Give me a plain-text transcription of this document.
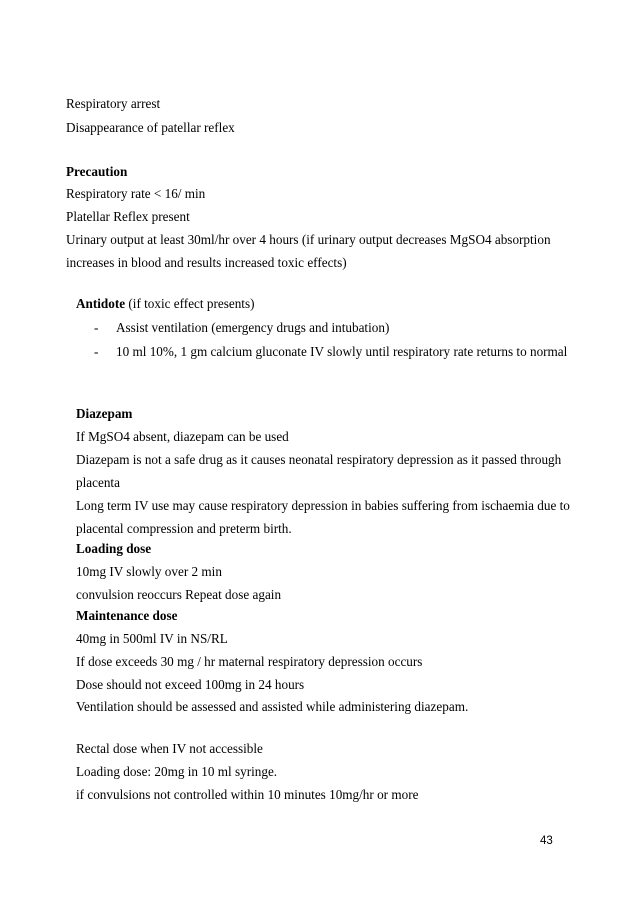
Respiratory arrest
Disappearance of patellar reflex
Precaution
Respiratory rate < 16/ min
Platellar Reflex present
Urinary output at least 30ml/hr over 4 hours (if urinary output decreases MgSO4 absorption
increases in blood and results increased toxic effects)
Antidote (if toxic effect presents)
- Assist ventilation (emergency drugs and intubation)
- 10 ml 10%, 1 gm calcium gluconate IV slowly until respiratory rate returns to normal
Diazepam
If MgSO4 absent, diazepam can be used
Diazepam is not a safe drug as it causes neonatal respiratory depression as it passed through
placenta
Long term IV use may cause respiratory depression in babies suffering from ischaemia due to
placental compression and preterm birth.
Loading dose
10mg IV slowly over 2 min
convulsion reoccurs Repeat dose again
Maintenance dose
40mg in 500ml IV in NS/RL
If dose exceeds 30 mg / hr maternal respiratory depression occurs
Dose should not exceed 100mg in 24 hours
Ventilation should be assessed and assisted while administering diazepam.
Rectal dose when IV not accessible
Loading dose: 20mg in 10 ml syringe.
if convulsions not controlled within 10 minutes 10mg/hr or more
43
